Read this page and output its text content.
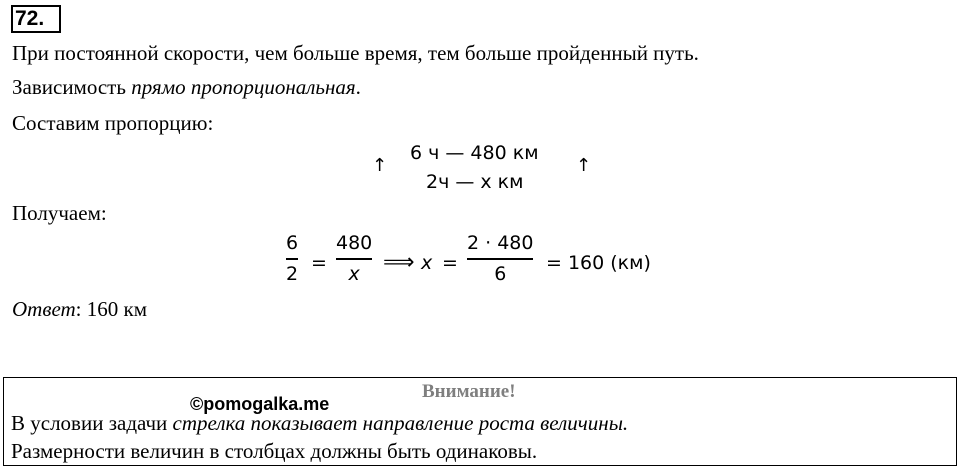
72.
При постоянной скорости, чем больше время, тем больше пройденный путь.
Зависимость прямо пропорциональная.
Составим пропорцию:
↑
6 ч — 480 км
2ч — x км
↑
Получаем:
6
2 =
480
x ⟹ x =
2 · 480
6 = 160 (км)
Ответ: 160 км
Внимание!
©pomogalka.me
В условии задачи стрелка показывает направление роста величины.
Размерности величин в столбцах должны быть одинаковы.
